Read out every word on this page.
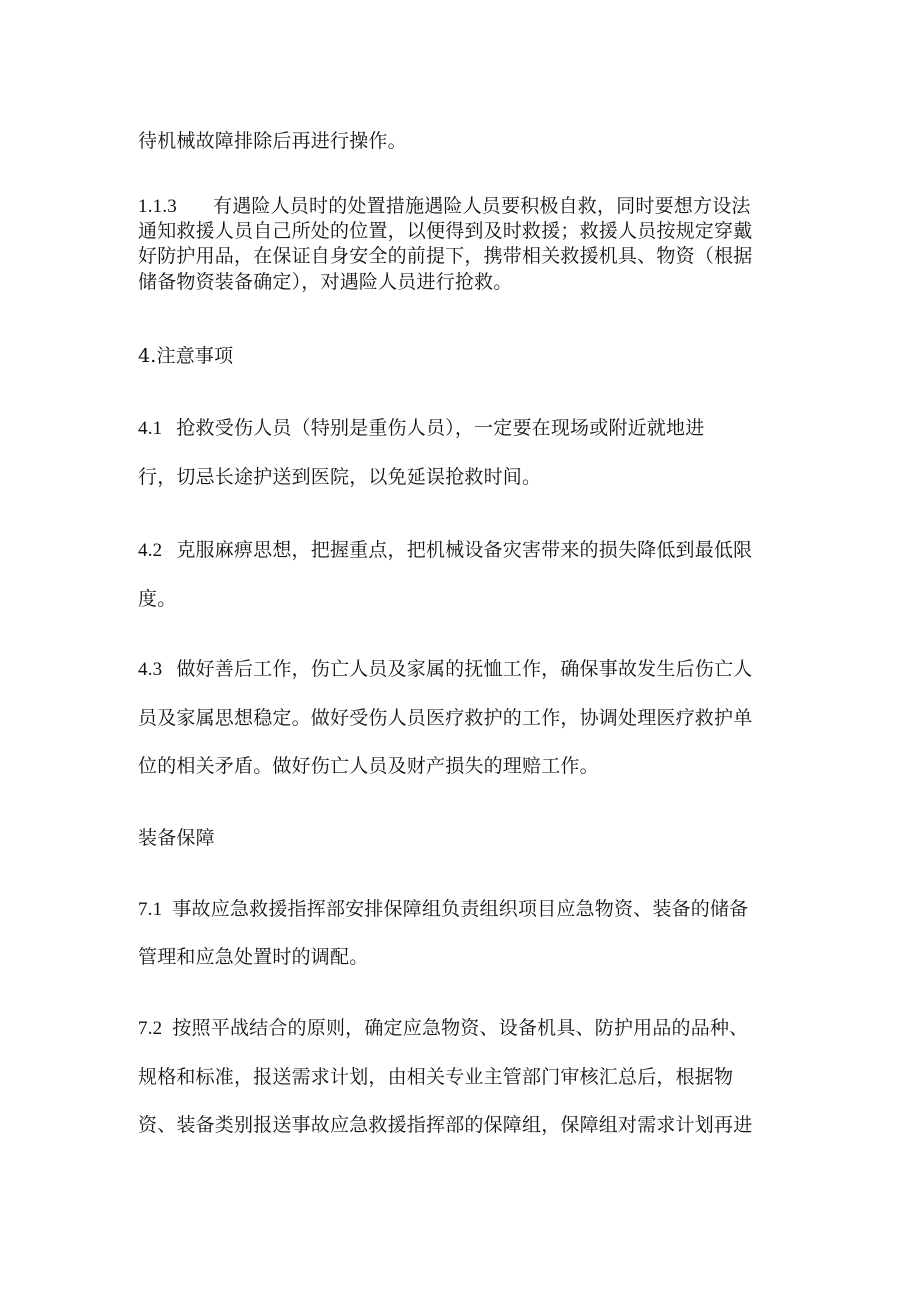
待机械故障排除后再进行操作。
1.1.3 有遇险人员时的处置措施遇险人员要积极自救，同时要想方设法
通知救援人员自己所处的位置，以便得到及时救援；救援人员按规定穿戴
好防护用品，在保证自身安全的前提下，携带相关救援机具、物资（根据
储备物资装备确定），对遇险人员进行抢救。
4.注意事项
4.1 抢救受伤人员（特别是重伤人员），一定要在现场或附近就地进
行，切忌长途护送到医院，以免延误抢救时间。
4.2 克服麻痹思想，把握重点，把机械设备灾害带来的损失降低到最低限
度。
4.3 做好善后工作，伤亡人员及家属的抚恤工作，确保事故发生后伤亡人
员及家属思想稳定。做好受伤人员医疗救护的工作，协调处理医疗救护单
位的相关矛盾。做好伤亡人员及财产损失的理赔工作。
装备保障
7.1 事故应急救援指挥部安排保障组负责组织项目应急物资、装备的储备
管理和应急处置时的调配。
7.2 按照平战结合的原则，确定应急物资、设备机具、防护用品的品种、
规格和标准，报送需求计划，由相关专业主管部门审核汇总后，根据物
资、装备类别报送事故应急救援指挥部的保障组，保障组对需求计划再进
